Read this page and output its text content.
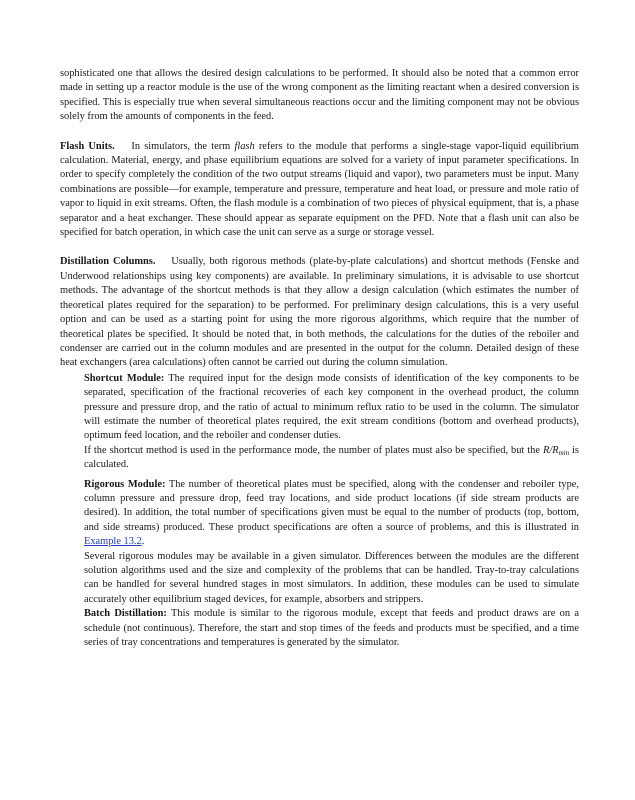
sophisticated one that allows the desired design calculations to be performed. It should also be noted that a common error made in setting up a reactor module is the use of the wrong component as the limiting reactant when a desired conversion is specified. This is especially true when several simultaneous reactions occur and the limiting component may not be obvious solely from the amounts of components in the feed.

Flash Units. In simulators, the term flash refers to the module that performs a single-stage vapor-liquid equilibrium calculation. Material, energy, and phase equilibrium equations are solved for a variety of input parameter specifications. In order to specify completely the condition of the two output streams (liquid and vapor), two parameters must be input. Many combinations are possible—for example, temperature and pressure, temperature and heat load, or pressure and mole ratio of vapor to liquid in exit streams. Often, the flash module is a combination of two pieces of physical equipment, that is, a phase separator and a heat exchanger. These should appear as separate equipment on the PFD. Note that a flash unit can also be specified for batch operation, in which case the unit can serve as a surge or storage vessel.

Distillation Columns. Usually, both rigorous methods (plate-by-plate calculations) and shortcut methods (Fenske and Underwood relationships using key components) are available. In preliminary simulations, it is advisable to use shortcut methods. The advantage of the shortcut methods is that they allow a design calculation (which estimates the number of theoretical plates required for the separation) to be performed. For preliminary design calculations, this is a very useful option and can be used as a starting point for using the more rigorous algorithms, which require that the number of theoretical plates be specified. It should be noted that, in both methods, the calculations for the duties of the reboiler and condenser are carried out in the column modules and are presented in the output for the column. Detailed design of these heat exchangers (area calculations) often cannot be carried out during the column simulation.

Shortcut Module: The required input for the design mode consists of identification of the key components to be separated, specification of the fractional recoveries of each key component in the overhead product, the column pressure and pressure drop, and the ratio of actual to minimum reflux ratio to be used in the column. The simulator will estimate the number of theoretical plates required, the exit stream conditions (bottom and overhead products), optimum feed location, and the reboiler and condenser duties.

If the shortcut method is used in the performance mode, the number of plates must also be specified, but the $R/R_{min}$ is calculated.

Rigorous Module: The number of theoretical plates must be specified, along with the condenser and reboiler type, column pressure and pressure drop, feed tray locations, and side product locations (if side stream products are desired). In addition, the total number of specifications given must be equal to the number of products (top, bottom, and side streams) produced. These product specifications are often a source of problems, and this is illustrated in Example 13.2.

Several rigorous modules may be available in a given simulator. Differences between the modules are the different solution algorithms used and the size and complexity of the problems that can be handled. Tray-to-tray calculations can be handled for several hundred stages in most simulators. In addition, these modules can be used to simulate accurately other equilibrium staged devices, for example, absorbers and strippers.

Batch Distillation: This module is similar to the rigorous module, except that feeds and product draws are on a schedule (not continuous). Therefore, the start and stop times of the feeds and products must be specified, and a time series of tray concentrations and temperatures is generated by the simulator.
